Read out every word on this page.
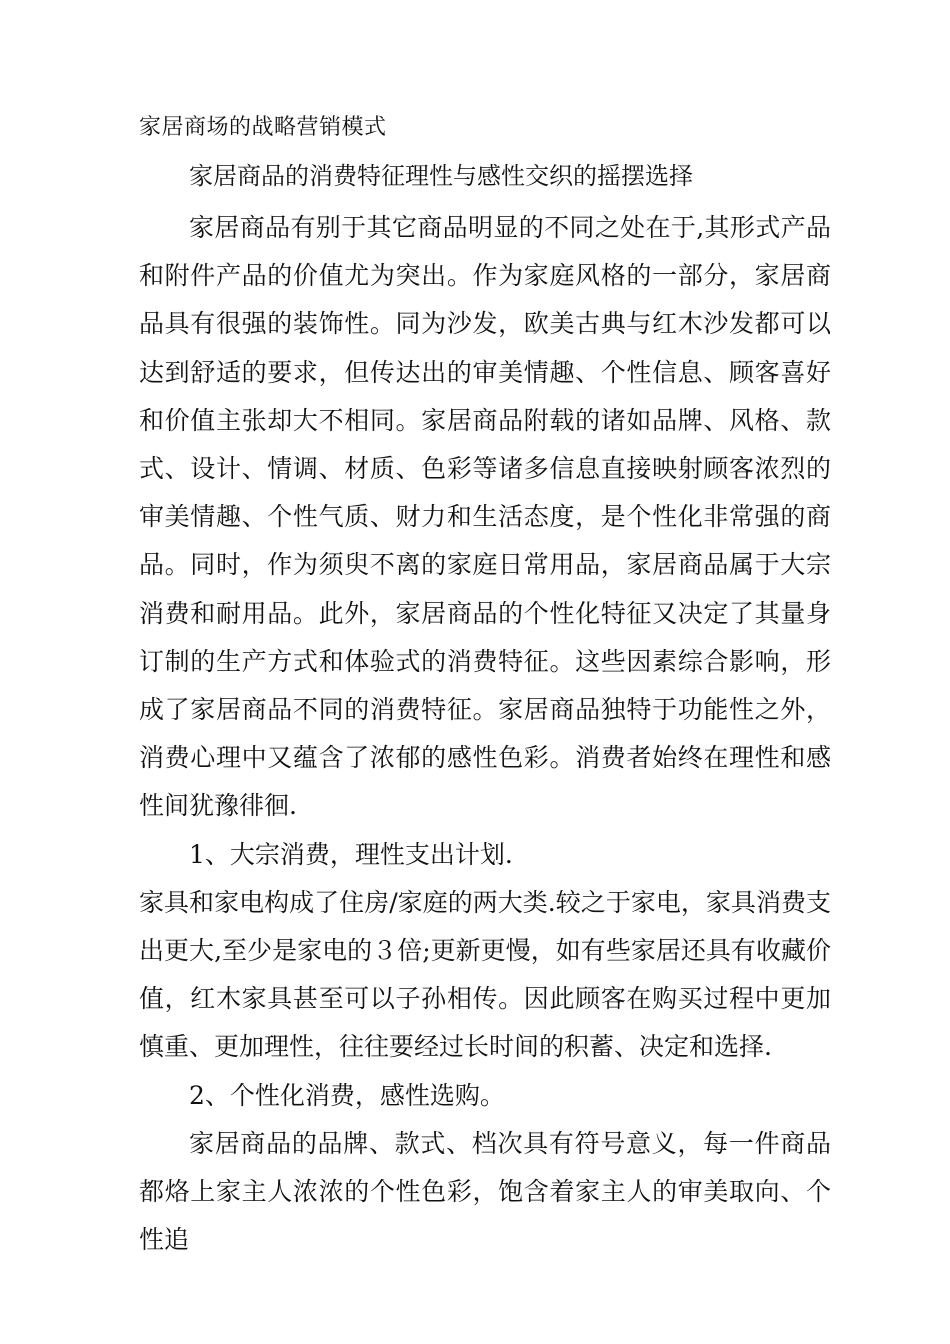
家居商场的战略营销模式
家居商品的消费特征理性与感性交织的摇摆选择

家居商品有别于其它商品明显的不同之处在于,其形式产品和附件产品的价值尤为突出。作为家庭风格的一部分，家居商品具有很强的装饰性。同为沙发，欧美古典与红木沙发都可以达到舒适的要求，但传达出的审美情趣、个性信息、顾客喜好和价值主张却大不相同。家居商品附载的诸如品牌、风格、款式、设计、情调、材质、色彩等诸多信息直接映射顾客浓烈的审美情趣、个性气质、财力和生活态度，是个性化非常强的商品。同时，作为须臾不离的家庭日常用品，家居商品属于大宗消费和耐用品。此外，家居商品的个性化特征又决定了其量身订制的生产方式和体验式的消费特征。这些因素综合影响，形成了家居商品不同的消费特征。家居商品独特于功能性之外，消费心理中又蕴含了浓郁的感性色彩。消费者始终在理性和感性间犹豫徘徊.

1、大宗消费，理性支出计划.

家具和家电构成了住房/家庭的两大类.较之于家电，家具消费支出更大,至少是家电的３倍;更新更慢，如有些家居还具有收藏价值，红木家具甚至可以子孙相传。因此顾客在购买过程中更加慎重、更加理性，往往要经过长时间的积蓄、决定和选择.

2、个性化消费，感性选购。

家居商品的品牌、款式、档次具有符号意义，每一件商品都烙上家主人浓浓的个性色彩，饱含着家主人的审美取向、个性追
